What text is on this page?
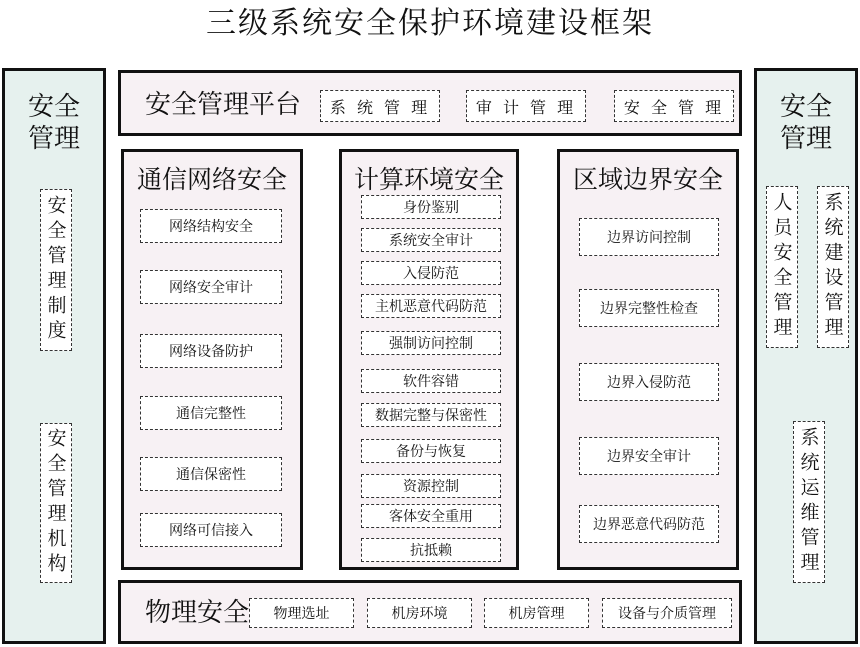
三级系统安全保护环境建设框架
安全
管理
安全管理制度
安全管理机构
安全
管理
人员安全管理 系统建设管理
系统运维管理
安全管理平台	系 统 管 理	审 计 管 理	安 全 管 理
通信网络安全
网络结构安全
网络安全审计
网络设备防护
通信完整性
通信保密性
网络可信接入
计算环境安全
身份鉴别
系统安全审计
入侵防范
主机恶意代码防范
强制访问控制
软件容错
数据完整与保密性
备份与恢复
资源控制
客体安全重用
抗抵赖
区域边界安全
边界访问控制
边界完整性检查
边界入侵防范
边界安全审计
边界恶意代码防范
物理安全	物理选址	机房环境	机房管理	设备与介质管理
